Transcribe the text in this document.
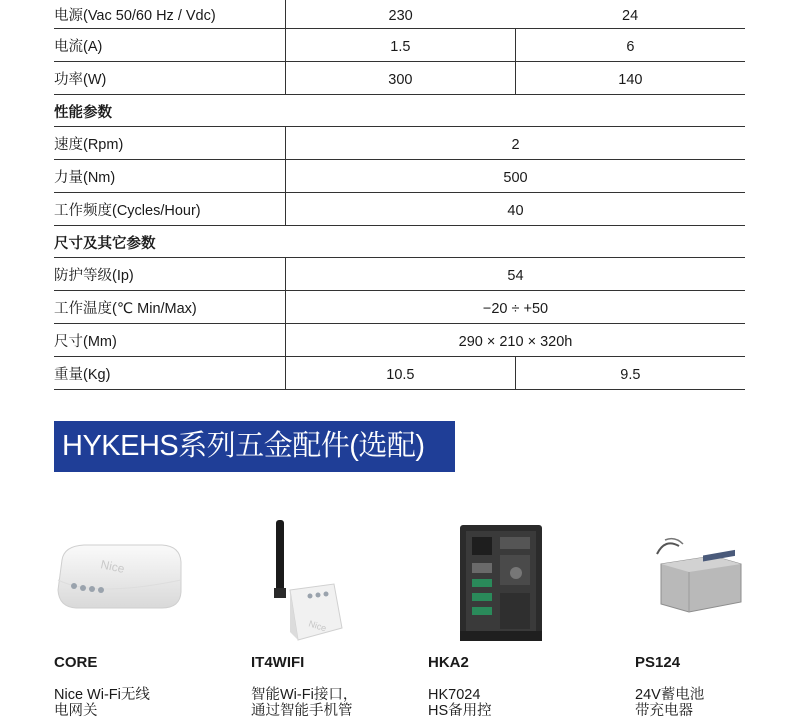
电源(Vac 50/60 Hz / Vdc)	230	24
电流(A)	1.5	6
功率(W)	300	140
性能参数		
速度(Rpm)	2	
力量(Nm)	500	
工作频度(Cycles/Hour)	40	
尺寸及其它参数		
防护等级(Ip)	54	
工作温度(℃ Min/Max)	−20 ÷ +50	
尺寸(Mm)	290 × 210 × 320h	
重量(Kg)	10.5	9.5
HYKEHS系列五金配件(选配)
Nice
Nice
CORE
Nice Wi-Fi无线
电网关
IT4WIFI
智能Wi-Fi接口，
通过智能手机管
HKA2
HK7024
HS备用控
PS124
24V蓄电池
带充电器
